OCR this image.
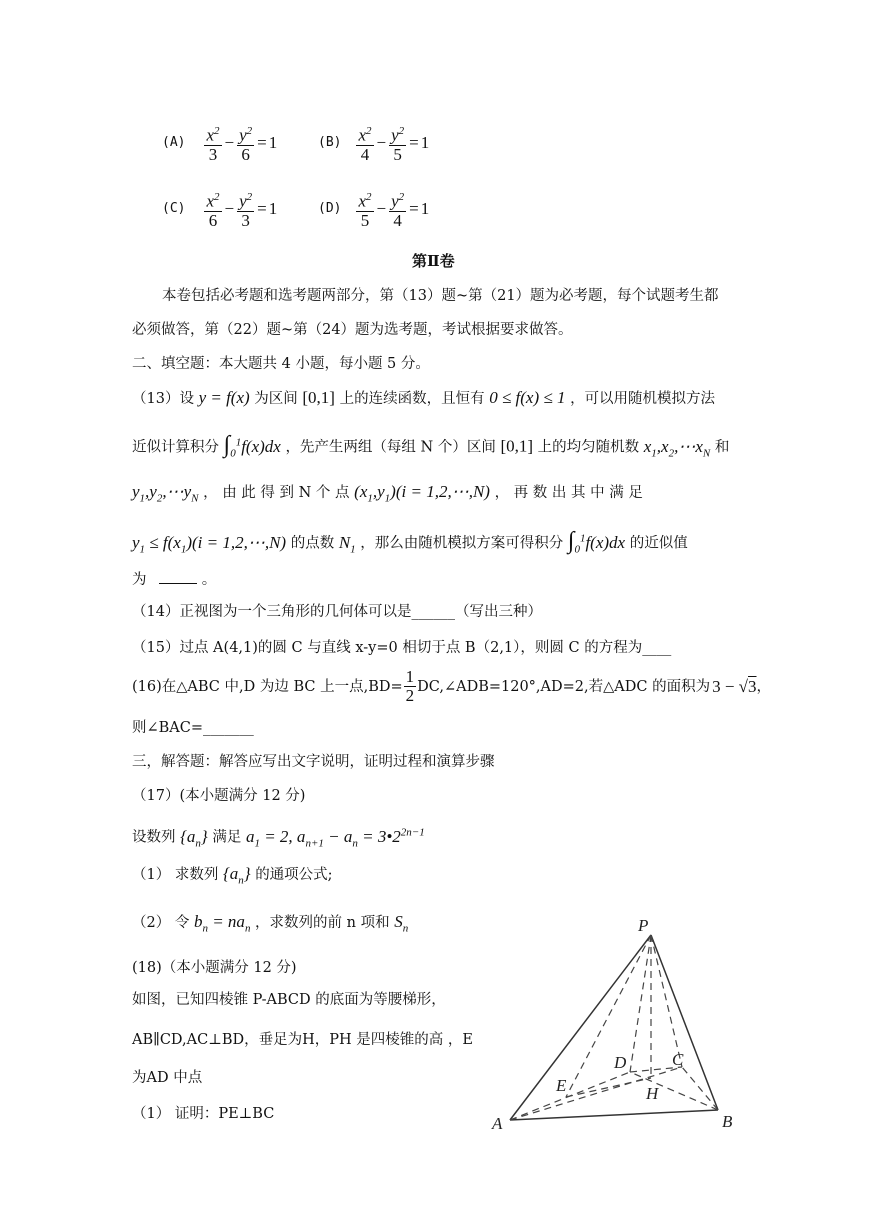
$(A) \frac{x^2}{3} - \frac{y^2}{6} = 1$	$(B) \frac{x^2}{4} - \frac{y^2}{5} = 1$
$(C) \frac{x^2}{6} - \frac{y^2}{3} = 1$	$(D) \frac{x^2}{5} - \frac{y^2}{4} = 1$
第Ⅱ卷
本卷包括必考题和选考题两部分，第（13）题~第（21）题为必考题，每个试题考生都
必须做答，第（22）题~第（24）题为选考题，考试根据要求做答。
二、填空题：本大题共 4 小题，每小题 5 分。
（13）设 y = f(x) 为区间 [0,1] 上的连续函数，且恒有 0 ≤ f(x) ≤ 1 ，可以用随机模拟方法
近似计算积分 $\int_0^1f(x)dx$ ，先产生两组（每组 N 个）区间 [0,1] 上的均匀随机数 $x_1,x_2,\cdots x_N$ 和
$y_1,y_2,\cdots y_N$ ， 由 此 得 到 N 个 点 $(x_1,y_1)(i$ = 1,2,⋯,N) ， 再 数 出 其 中 满 足
$y_1 \le f(x_1)(i$ = 1,2,⋯,N) 的点数 $N_1$ ，那么由随机模拟方案可得积分 $\int_0^1f(x)dx$ 的近似值
为	。
（14）正视图为一个三角形的几何体可以是______（写出三种）
（15）过点 A(4,1)的圆 C 与直线 x-y=0 相切于点 B（2,1），则圆 C 的方程为____
(16)在△ABC 中,D 为边 BC 上一点$,BD= \frac{1}{2}$ DC,∠ADB=120°,AD=2,若△ADC 的面积为 3 − √3 ，
则∠BAC=_______
三，解答题：解答应写出文字说明，证明过程和演算步骤
（17）(本小题满分 12 分)
设数列 $\{a_n\}$ 满足 $a_1 = 2$, $a_{n+1} - a_n$ = $3•2^{2n-1}$
（1） 求数列 $\{a_n\}$ 的通项公式;
（2） 令 $b_n = na_n$ ，求数列的前 n 项和 $S_n$
(18)（本小题满分 12 分)
如图，已知四棱锥 P-ABCD 的底面为等腰梯形，
AB∥CD,AC⊥BD，垂足为H，PH 是四棱锥的高 ，E
为AD 中点
（1） 证明：PE⊥BC
P
A	B
C
D
E	H
